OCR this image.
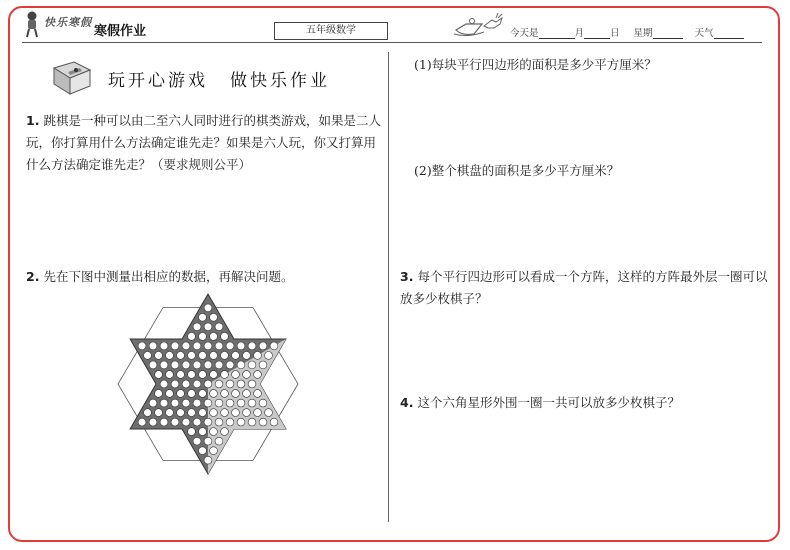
快乐寒假
寒假作业	五年级数学	今天是	月	日 星期	天气
玩开心游戏 做快乐作业
1. 跳棋是一种可以由二至六人同时进行的棋类游戏，如果是二人玩，你打算用什么方法确定谁先走？如果是六人玩，你又打算用什么方法确定谁先走？（要求规则公平）
2. 先在下图中测量出相应的数据，再解决问题。
(1)每块平行四边形的面积是多少平方厘米？
(2)整个棋盘的面积是多少平方厘米？
3. 每个平行四边形可以看成一个方阵，这样的方阵最外层一圈可以放多少枚棋子？
4. 这个六角星形外围一圈一共可以放多少枚棋子？
